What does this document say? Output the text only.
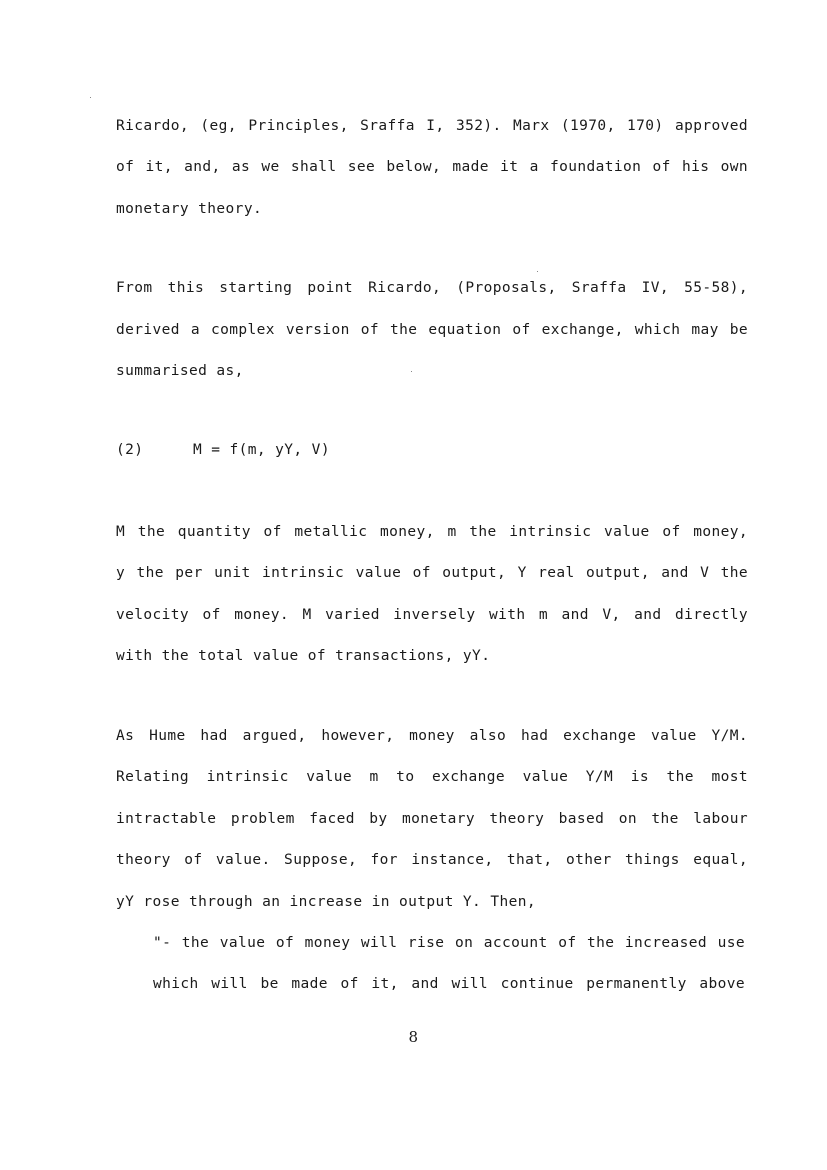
Ricardo, (eg, Principles, Sraffa I, 352). Marx (1970, 170) approved
of it, and, as we shall see below, made it a foundation of his own
monetary theory.
From this starting point Ricardo, (Proposals, Sraffa IV, 55-58),
derived a complex version of the equation of exchange, which may be
summarised as,
(2)	M = f(m, yY, V)
M the quantity of metallic money, m the intrinsic value of money,
y the per unit intrinsic value of output, Y real output, and V the
velocity of money. M varied inversely with m and V, and directly
with the total value of transactions, yY.
As Hume had argued, however, money also had exchange value Y/M.
Relating intrinsic value m to exchange value Y/M is the most
intractable problem faced by monetary theory based on the labour
theory of value. Suppose, for instance, that, other things equal,
yY rose through an increase in output Y. Then,
"- the value of money will rise on account of the increased use
which will be made of it, and will continue permanently above
8
